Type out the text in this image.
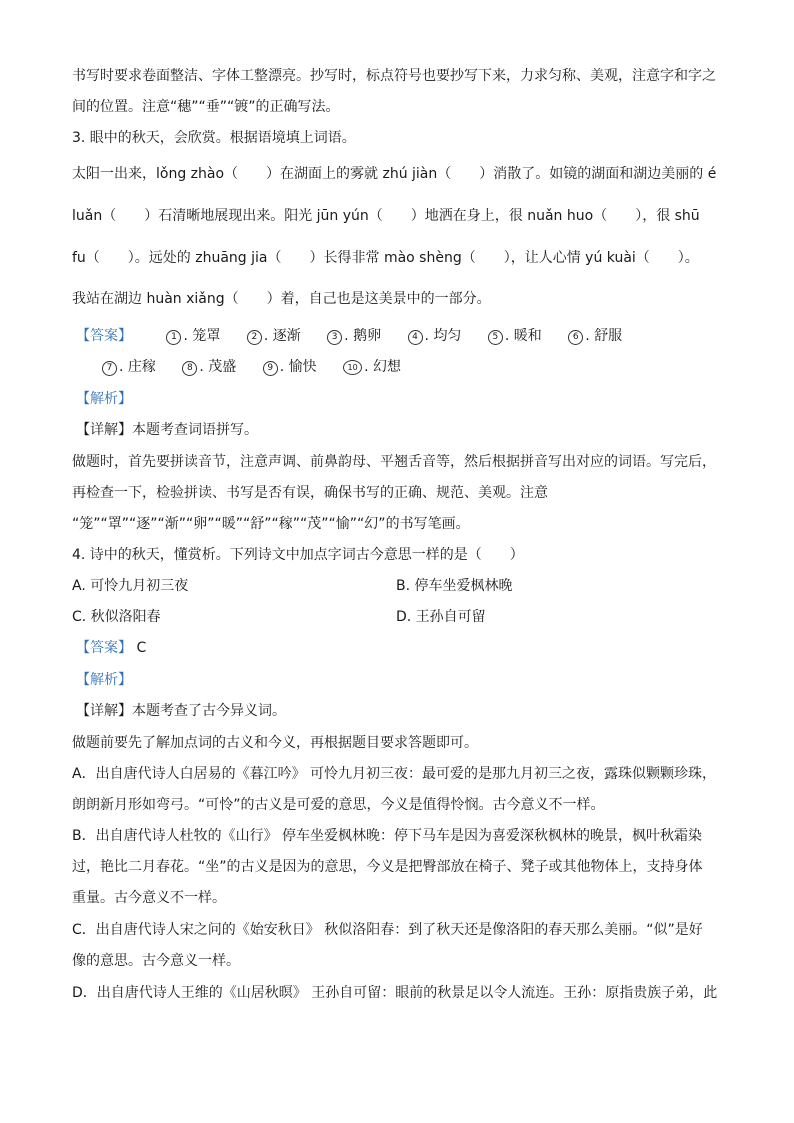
书写时要求卷面整洁、字体工整漂亮。抄写时，标点符号也要抄写下来，力求匀称、美观，注意字和字之
间的位置。注意“穗”“垂”“镀”的正确写法。
3. 眼中的秋天，会欣赏。根据语境填上词语。
太阳一出来，lǒng zhào（　　）在湖面上的雾就 zhú jiàn（　　）消散了。如镜的湖面和湖边美丽的 é
luǎn（　　）石清晰地展现出来。阳光 jūn yún（　　）地洒在身上，很 nuǎn huo（　　），很 shū
fu（　　）。远处的 zhuāng jia（　　）长得非常 mào shèng（　　），让人心情 yú kuài（　　）。
我站在湖边 huàn xiǎng（　　）着，自己也是这美景中的一部分。
【答案】	1 . 笼罩	2 . 逐渐	3 . 鹅卵	4 . 均匀	5 . 暖和	6 . 舒服
7 . 庄稼	8 . 茂盛	9 . 愉快	10 . 幻想
【解析】
【详解】本题考查词语拼写。
做题时，首先要拼读音节，注意声调、前鼻韵母、平翘舌音等，然后根据拼音写出对应的词语。写完后，
再检查一下，检验拼读、书写是否有误，确保书写的正确、规范、美观。注意
“笼”“罩”“逐”“渐”“卵”“暖”“舒”“稼”“茂”“愉”“幻”的书写笔画。
4. 诗中的秋天，懂赏析。下列诗文中加点字词古今意思一样的是（　　）
A. 可怜九月初三夜	B. 停车坐爱枫林晚
C. 秋似洛阳春	D. 王孙自可留
【答案】 C
【解析】
【详解】本题考查了古今异义词。
做题前要先了解加点词的古义和今义，再根据题目要求答题即可。
A．出自唐代诗人白居易的《暮江吟》 可怜九月初三夜：最可爱的是那九月初三之夜，露珠似颗颗珍珠，
朗朗新月形如弯弓。“可怜”的古义是可爱的意思，今义是值得怜悯。古今意义不一样。
B．出自唐代诗人杜牧的《山行》 停车坐爱枫林晚：停下马车是因为喜爱深秋枫林的晚景，枫叶秋霜染
过，艳比二月春花。“坐”的古义是因为的意思，今义是把臀部放在椅子、凳子或其他物体上，支持身体
重量。古今意义不一样。
C．出自唐代诗人宋之问的《始安秋日》 秋似洛阳春：到了秋天还是像洛阳的春天那么美丽。“似”是好
像的意思。古今意义一样。
D．出自唐代诗人王维的《山居秋暝》 王孙自可留：眼前的秋景足以令人流连。王孙：原指贵族子弟，此
